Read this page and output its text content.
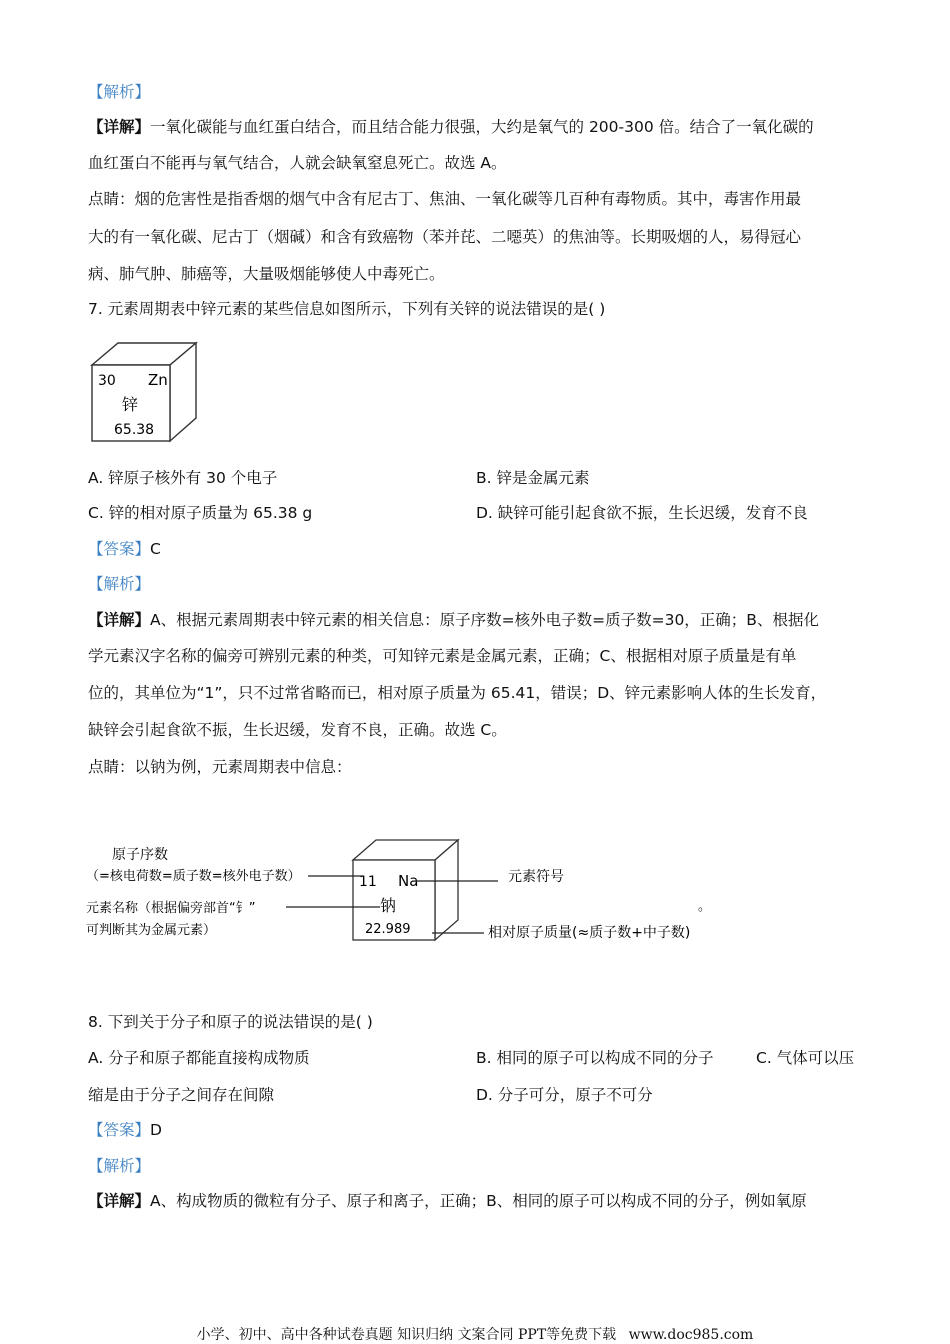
【解析】
【详解】一氧化碳能与血红蛋白结合，而且结合能力很强，大约是氧气的 200-300 倍。结合了一氧化碳的
血红蛋白不能再与氧气结合，人就会缺氧窒息死亡。故选 A。
点睛：烟的危害性是指香烟的烟气中含有尼古丁、焦油、一氧化碳等几百种有毒物质。其中，毒害作用最
大的有一氧化碳、尼古丁（烟碱）和含有致癌物（苯并芘、二噁英）的焦油等。长期吸烟的人，易得冠心
病、肺气肿、肺癌等，大量吸烟能够使人中毒死亡。
7. 元素周期表中锌元素的某些信息如图所示，下列有关锌的说法错误的是( )
30 Zn
锌
65.38
A. 锌原子核外有 30 个电子	B. 锌是金属元素
C. 锌的相对原子质量为 65.38 g	D. 缺锌可能引起食欲不振，生长迟缓，发育不良
【答案】C
【解析】
【详解】A、根据元素周期表中锌元素的相关信息：原子序数=核外电子数=质子数=30，正确；B、根据化
学元素汉字名称的偏旁可辨别元素的种类，可知锌元素是金属元素，正确；C、根据相对原子质量是有单
位的，其单位为“1”，只不过常省略而已，相对原子质量为 65.41，错误；D、锌元素影响人体的生长发育，
缺锌会引起食欲不振，生长迟缓，发育不良，正确。故选 C。
点睛：以钠为例，元素周期表中信息：
11 Na
钠
22.989
原子序数
（=核电荷数=质子数=核外电子数）
元素名称（根据偏旁部首“钅”
可判断其为金属元素）
元素符号
相对原子质量(≈质子数+中子数)
。
8. 下到关于分子和原子的说法错误的是( )
A. 分子和原子都能直接构成物质	B. 相同的原子可以构成不同的分子	C. 气体可以压
缩是由于分子之间存在间隙	D. 分子可分，原子不可分
【答案】D
【解析】
【详解】A、构成物质的微粒有分子、原子和离子，正确；B、相同的原子可以构成不同的分子，例如氧原
小学、初中、高中各种试卷真题 知识归纳 文案合同 PPT等免费下载 www.doc985.com
